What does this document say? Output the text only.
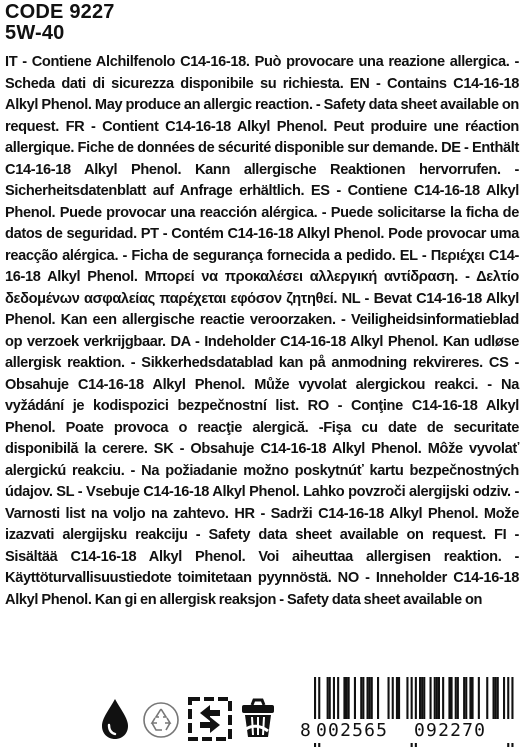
CODE 9227
5W-40
IT - Contiene Alchilfenolo C14-16-18. Può provocare una reazione allergica. - Scheda dati di sicurezza disponibile su richiesta. EN - Contains C14-16-18 Alkyl Phenol. May produce an allergic reaction. - Safety data sheet available on request. FR - Contient C14-16-18 Alkyl Phenol. Peut produire une réaction allergique. Fiche de données de sécurité disponible sur demande. DE - Enthält C14-16-18 Alkyl Phenol. Kann allergische Reaktionen hervorrufen. - Sicherheitsdatenblatt auf Anfrage erhältlich. ES - Contiene C14-16-18 Alkyl Phenol. Puede provocar una reacción alérgica. - Puede solicitarse la ficha de datos de seguridad. PT - Contém C14-16-18 Alkyl Phenol. Pode provocar uma reacção alérgica. - Ficha de segurança fornecida a pedido. EL - Περιέχει C14-16-18 Alkyl Phenol. Μπορεί να προκαλέσει αλλεργική αντίδραση. - Δελτίο δεδομένων ασφαλείας παρέχεται εφόσον ζητηθεί. NL - Bevat C14-16-18 Alkyl Phenol. Kan een allergische reactie veroorzaken. - Veiligheidsinformatieblad op verzoek verkrijgbaar. DA - Indeholder C14-16-18 Alkyl Phenol. Kan udløse allergisk reaktion. - Sikkerhedsdatablad kan på anmodning rekvireres. CS - Obsahuje C14-16-18 Alkyl Phenol. Může vyvolat alergickou reakci. - Na vyžádání je kodispozici bezpečnostní list. RO - Conţine C14-16-18 Alkyl Phenol. Poate provoca o reacţie alergică. -Fişa cu date de securitate disponibilă la cerere. SK - Obsahuje C14-16-18 Alkyl Phenol. Môže vyvolať alergickú reakciu. - Na požiadanie možno poskytnúť kartu bezpečnostných údajov. SL - Vsebuje C14-16-18 Alkyl Phenol. Lahko povzroči alergijski odziv. - Varnosti list na voljo na zahtevo. HR - Sadrži C14-16-18 Alkyl Phenol. Može izazvati alergijsku reakciju - Safety data sheet available on request. FI - Sisältää C14-16-18 Alkyl Phenol. Voi aiheuttaa allergisen reaktion. - Käyttöturvallisuustiedote toimitetaan pyynnöstä. NO - Inneholder C14-16-18 Alkyl Phenol. Kan gi en allergisk reaksjon - Safety data sheet available on
8 002565 092270
